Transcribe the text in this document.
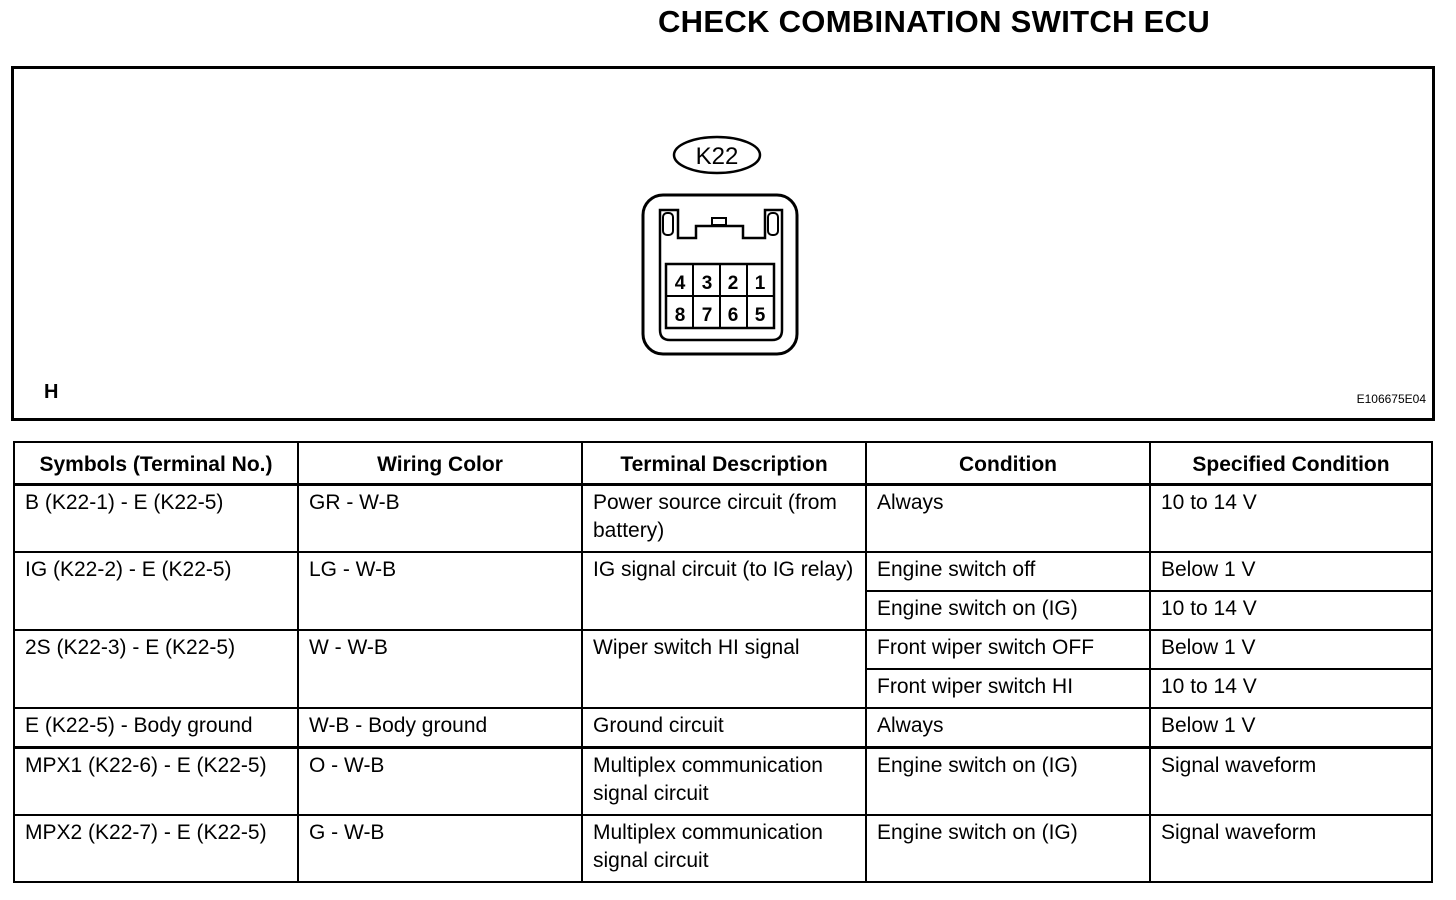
CHECK COMBINATION SWITCH ECU
H	E106675E04
K22
4 3 2 1
8 7 6 5
Symbols (Terminal No.)	Wiring Color	Terminal Description	Condition	Specified Condition
B (K22-1) - E (K22-5)	GR - W-B	Power source circuit (from battery)	Always	10 to 14 V
IG (K22-2) - E (K22-5)	LG - W-B	IG signal circuit (to IG relay)	Engine switch off	Below 1 V
			Engine switch on (IG)	10 to 14 V
2S (K22-3) - E (K22-5)	W - W-B	Wiper switch HI signal	Front wiper switch OFF	Below 1 V
			Front wiper switch HI	10 to 14 V
E (K22-5) - Body ground	W-B - Body ground	Ground circuit	Always	Below 1 V
MPX1 (K22-6) - E (K22-5)	O - W-B	Multiplex communication signal circuit	Engine switch on (IG)	Signal waveform
MPX2 (K22-7) - E (K22-5)	G - W-B	Multiplex communication signal circuit	Engine switch on (IG)	Signal waveform
